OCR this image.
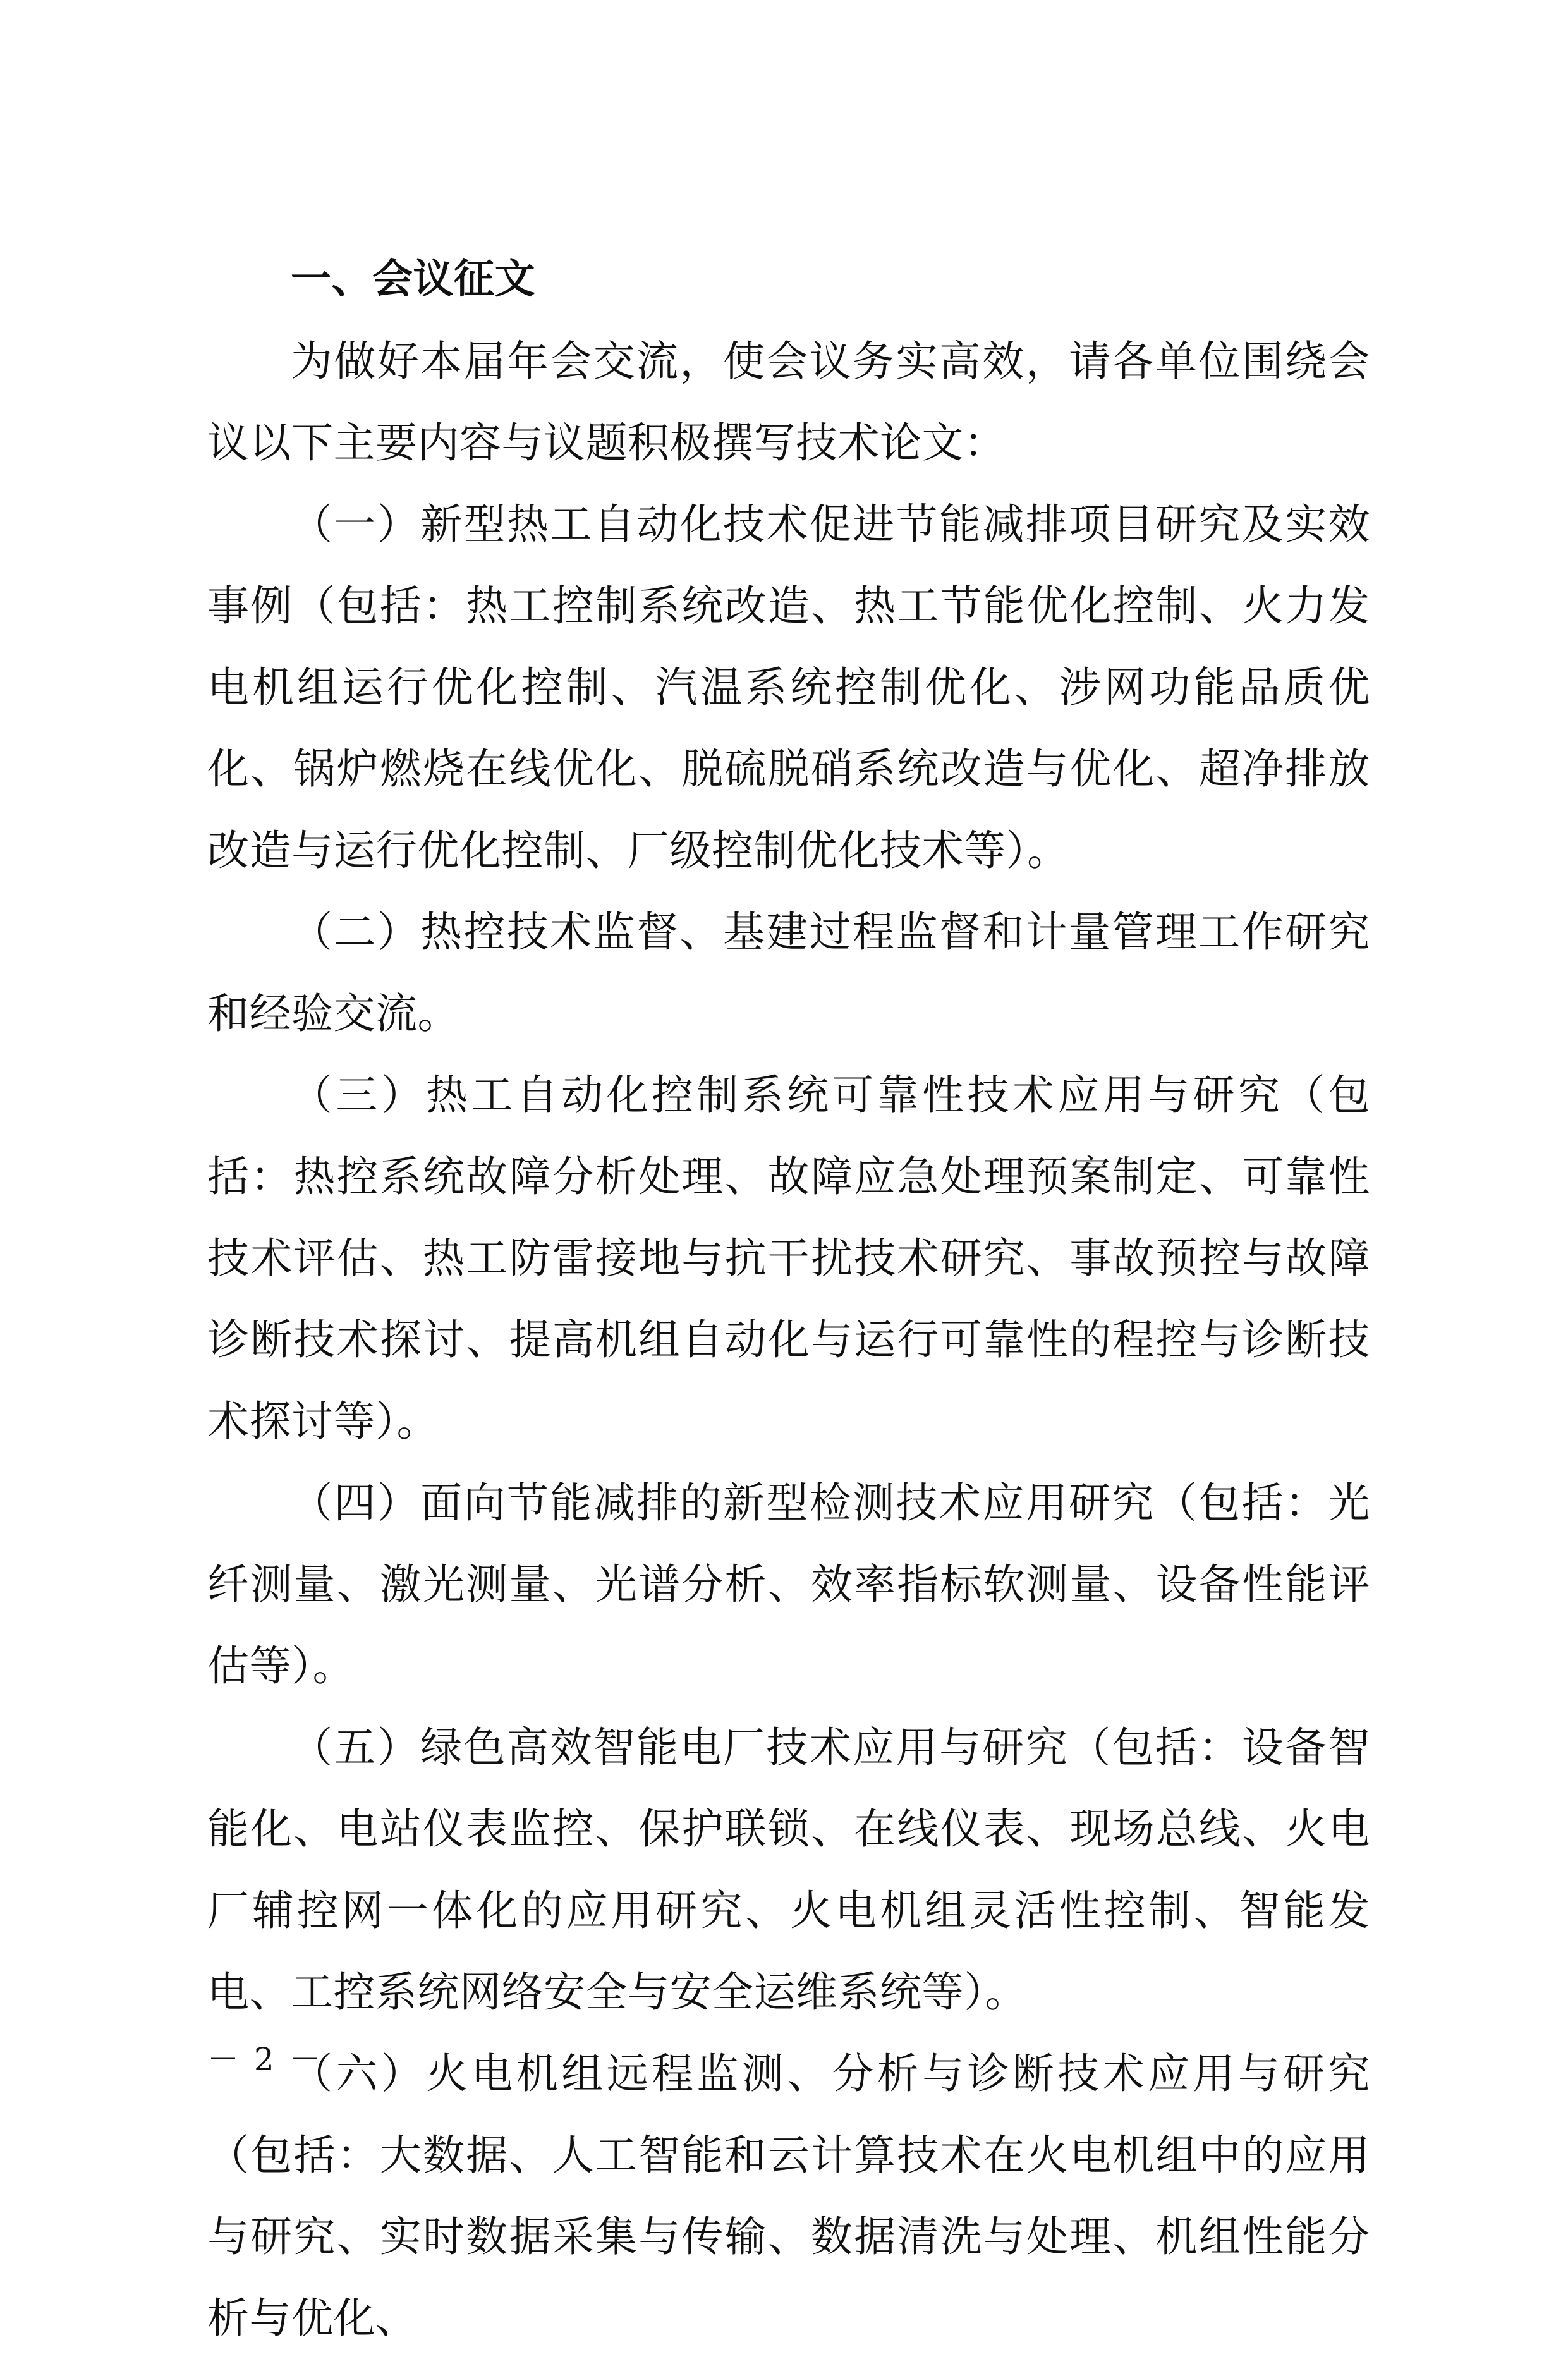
一、会议征文

为做好本届年会交流，使会议务实高效，请各单位围绕会议以下主要内容与议题积极撰写技术论文：

（一）新型热工自动化技术促进节能减排项目研究及实效事例（包括：热工控制系统改造、热工节能优化控制、火力发电机组运行优化控制、汽温系统控制优化、涉网功能品质优化、锅炉燃烧在线优化、脱硫脱硝系统改造与优化、超净排放改造与运行优化控制、厂级控制优化技术等）。

（二）热控技术监督、基建过程监督和计量管理工作研究和经验交流。

（三）热工自动化控制系统可靠性技术应用与研究（包括：热控系统故障分析处理、故障应急处理预案制定、可靠性技术评估、热工防雷接地与抗干扰技术研究、事故预控与故障诊断技术探讨、提高机组自动化与运行可靠性的程控与诊断技术探讨等）。

（四）面向节能减排的新型检测技术应用研究（包括：光纤测量、激光测量、光谱分析、效率指标软测量、设备性能评估等）。

（五）绿色高效智能电厂技术应用与研究（包括：设备智能化、电站仪表监控、保护联锁、在线仪表、现场总线、火电厂辅控网一体化的应用研究、火电机组灵活性控制、智能发电、工控系统网络安全与安全运维系统等）。

（六）火电机组远程监测、分析与诊断技术应用与研究（包括：大数据、人工智能和云计算技术在火电机组中的应用与研究、实时数据采集与传输、数据清洗与处理、机组性能分析与优化、

－ 2 －
